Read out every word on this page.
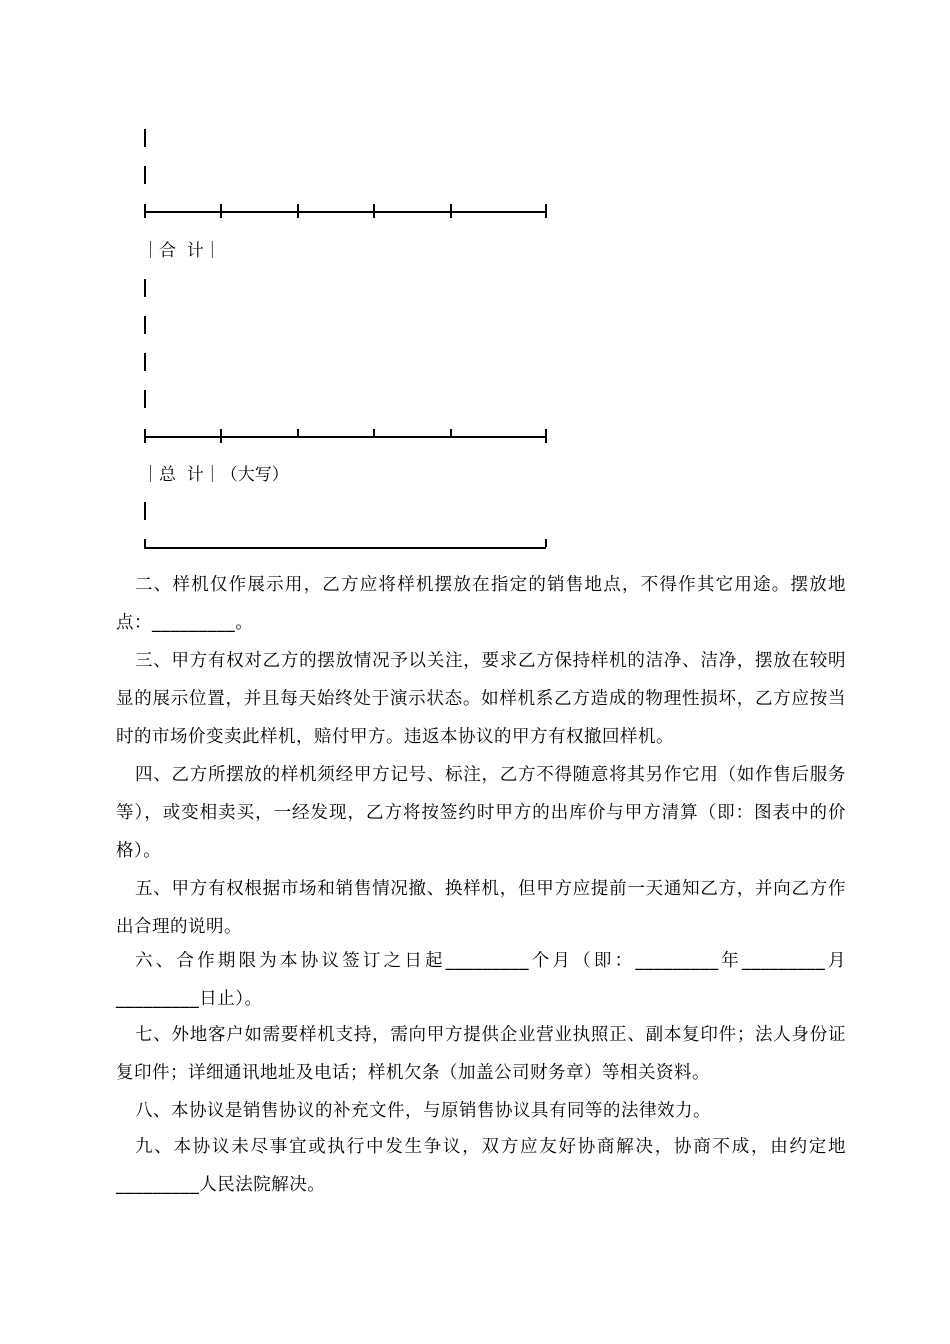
｜合  计｜
｜总  计｜（大写）

二、样机仅作展示用，乙方应将样机摆放在指定的销售地点，不得作其它用途。摆放地点：_________。

三、甲方有权对乙方的摆放情况予以关注，要求乙方保持样机的洁净、洁净，摆放在较明显的展示位置，并且每天始终处于演示状态。如样机系乙方造成的物理性损坏，乙方应按当时的市场价变卖此样机，赔付甲方。违返本协议的甲方有权撤回样机。

四、乙方所摆放的样机须经甲方记号、标注，乙方不得随意将其另作它用（如作售后服务等），或变相卖买，一经发现，乙方将按签约时甲方的出库价与甲方清算（即：图表中的价格）。

五、甲方有权根据市场和销售情况撤、换样机，但甲方应提前一天通知乙方，并向乙方作出合理的说明。

六、合作期限为本协议签订之日起_________个月（即：_________年_________月_________日止）。

七、外地客户如需要样机支持，需向甲方提供企业营业执照正、副本复印件；法人身份证复印件；详细通讯地址及电话；样机欠条（加盖公司财务章）等相关资料。

八、本协议是销售协议的补充文件，与原销售协议具有同等的法律效力。

九、本协议未尽事宜或执行中发生争议，双方应友好协商解决，协商不成，由约定地_________人民法院解决。
